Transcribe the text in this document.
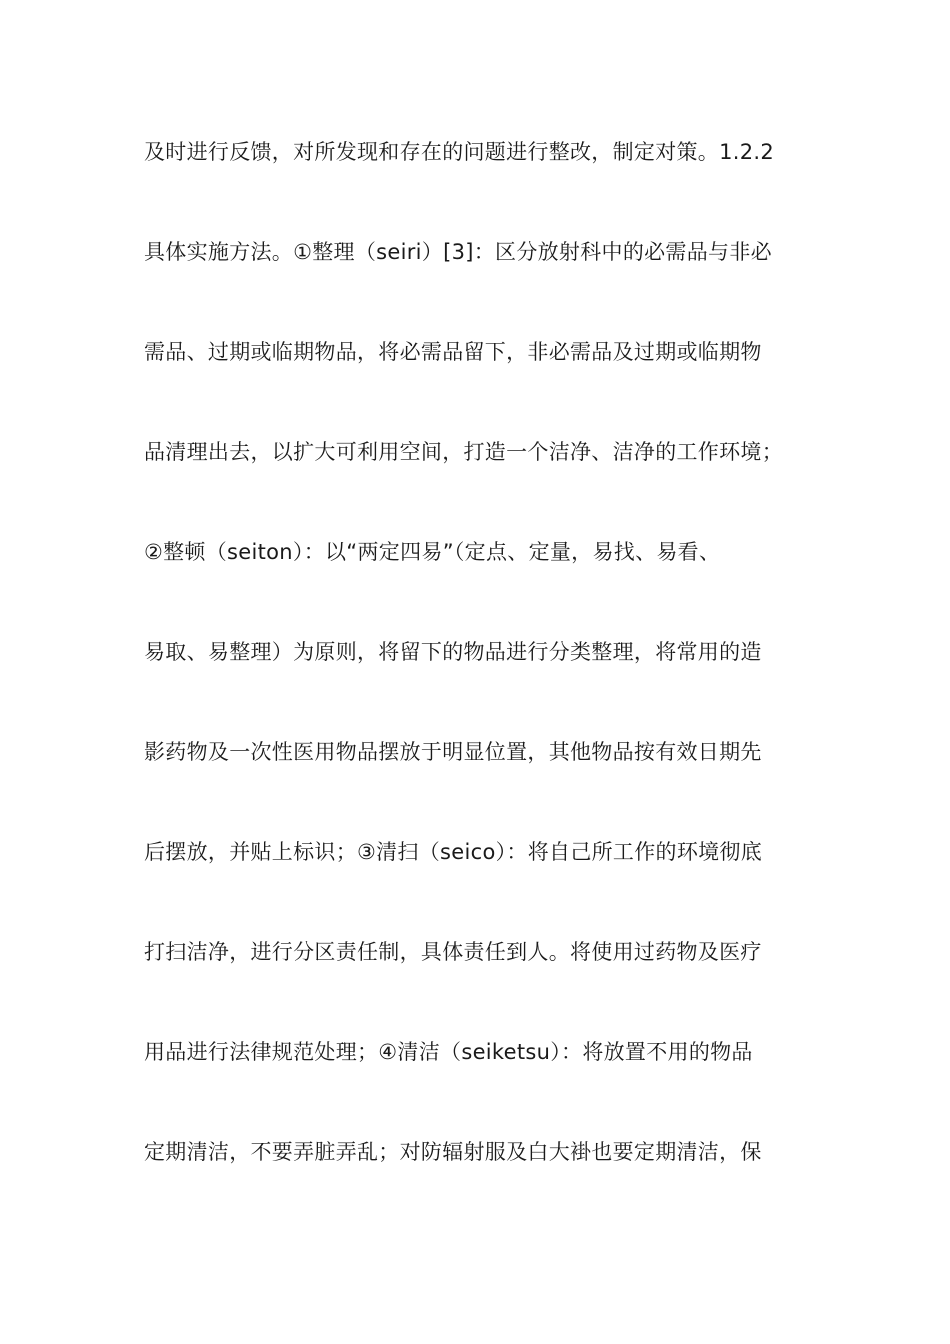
及时进行反馈，对所发现和存在的问题进行整改，制定对策。1.2.2
具体实施方法。①整理（seiri）[3]：区分放射科中的必需品与非必
需品、过期或临期物品，将必需品留下，非必需品及过期或临期物
品清理出去，以扩大可利用空间，打造一个洁净、洁净的工作环境；
②整顿（seiton）：以“两定四易”（定点、定量，易找、易看、
易取、易整理）为原则，将留下的物品进行分类整理，将常用的造
影药物及一次性医用物品摆放于明显位置，其他物品按有效日期先
后摆放，并贴上标识；③清扫（seico）：将自己所工作的环境彻底
打扫洁净，进行分区责任制，具体责任到人。将使用过药物及医疗
用品进行法律规范处理；④清洁（seiketsu）：将放置不用的物品
定期清洁，不要弄脏弄乱；对防辐射服及白大褂也要定期清洁，保
